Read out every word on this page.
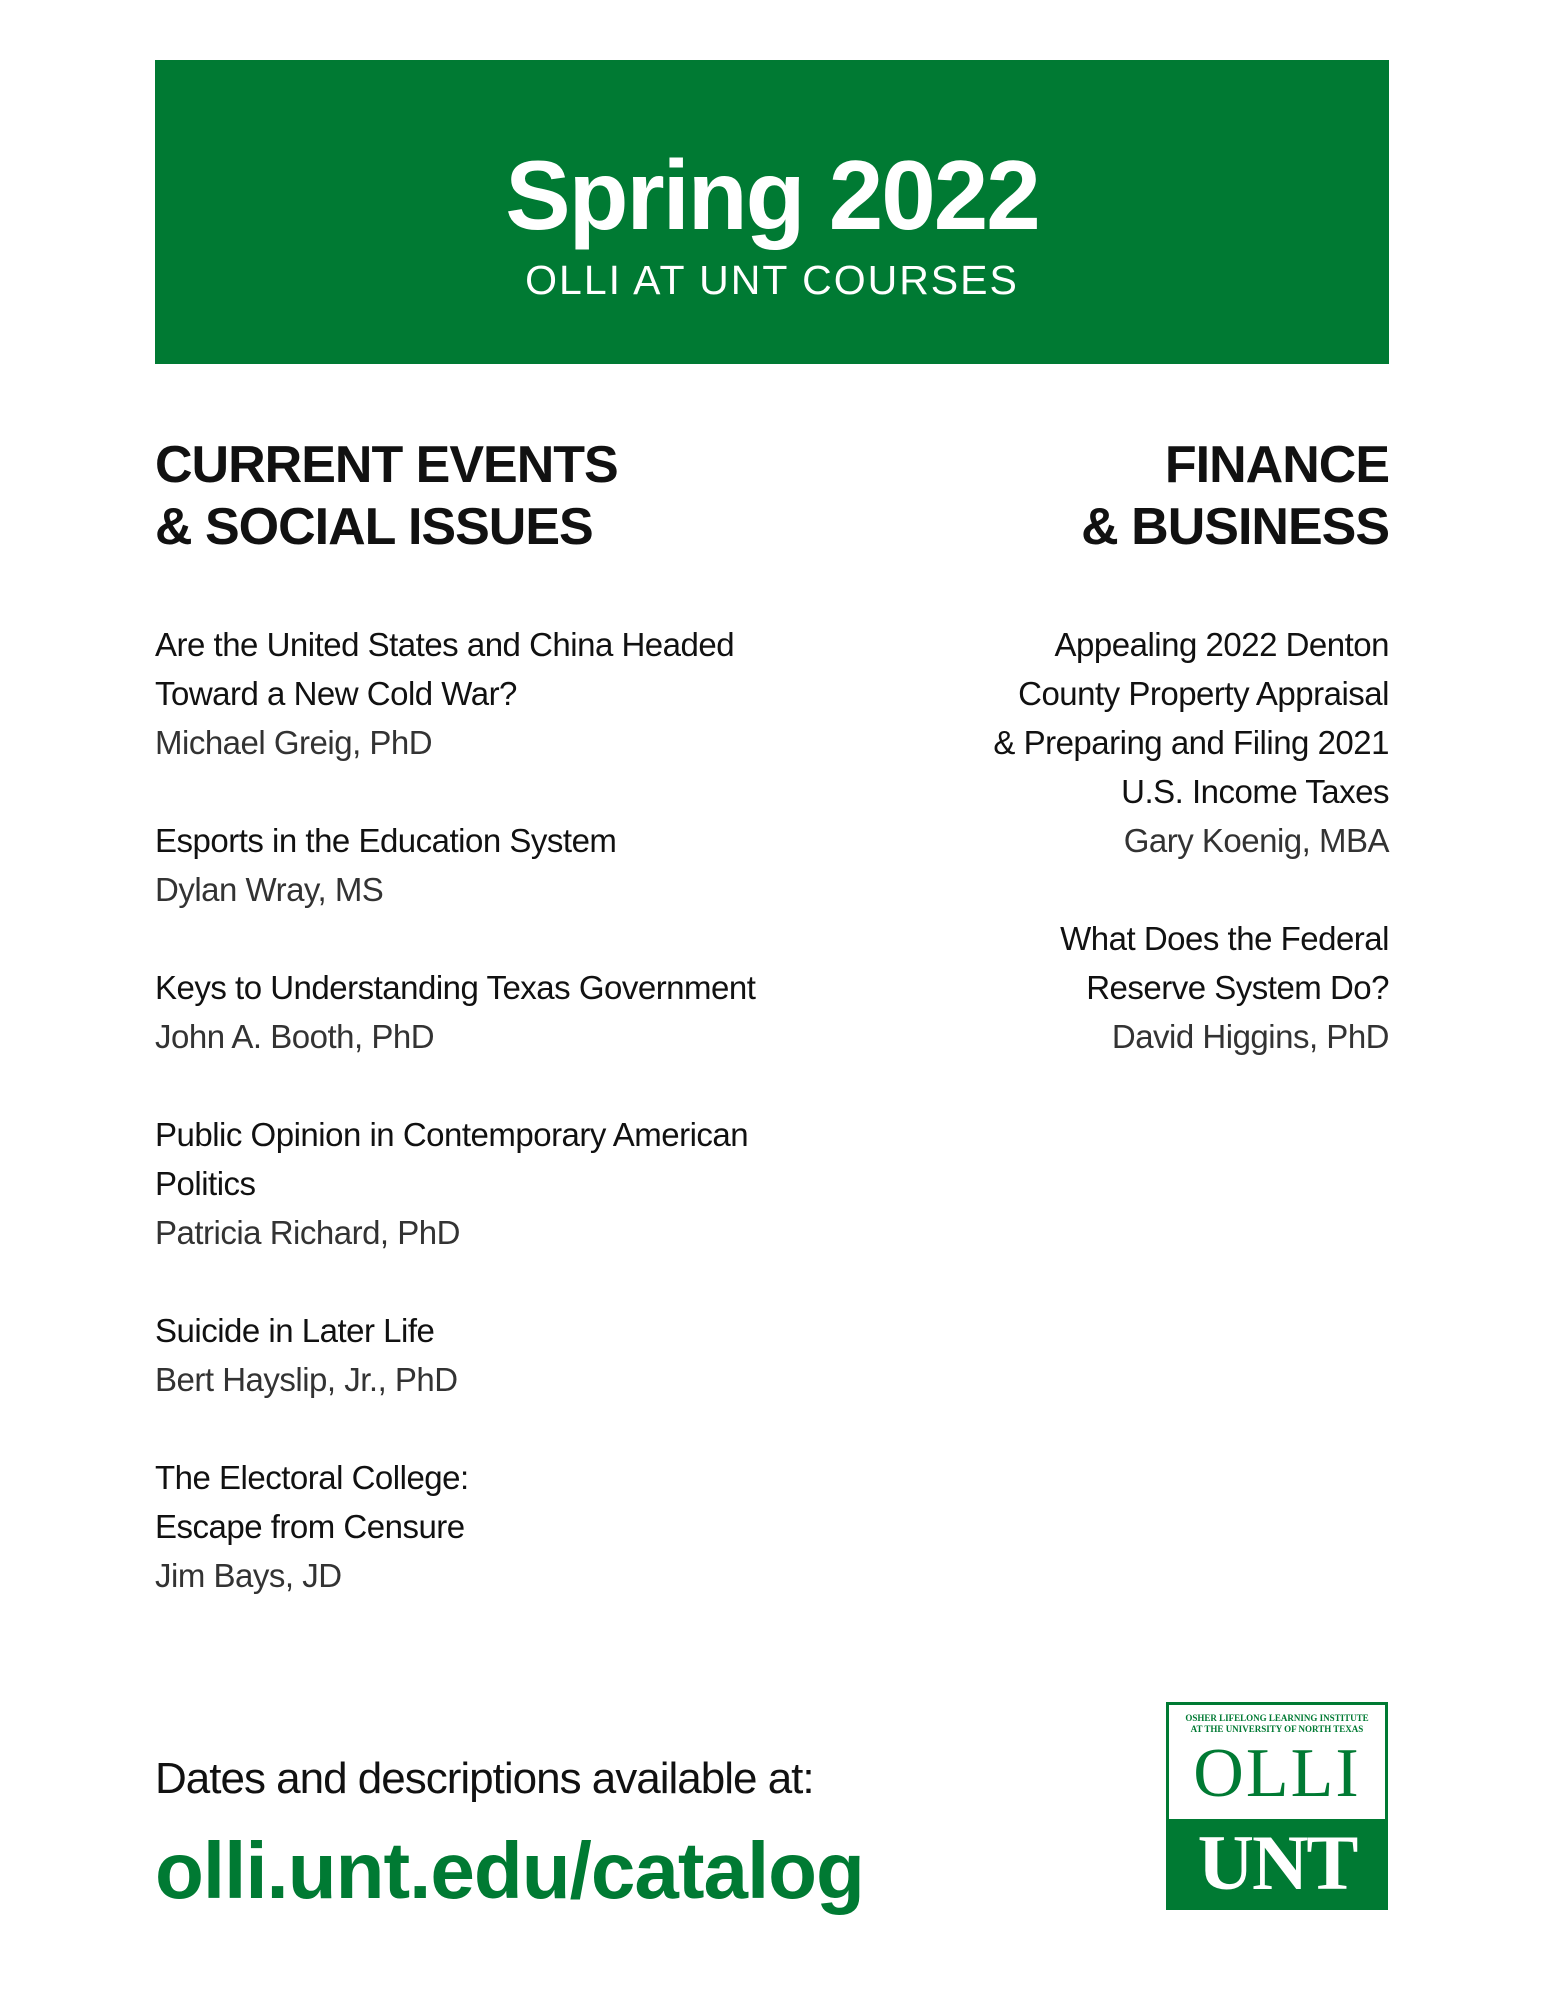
Spring 2022

OLLI AT UNT COURSES

CURRENT EVENTS
& SOCIAL ISSUES
FINANCE
& BUSINESS
Are the United States and China Headed
Toward a New Cold War?
Michael Greig, PhD
Esports in the Education System
Dylan Wray, MS
Keys to Understanding Texas Government
John A. Booth, PhD
Public Opinion in Contemporary American
Politics
Patricia Richard, PhD
Suicide in Later Life
Bert Hayslip, Jr., PhD
The Electoral College:
Escape from Censure
Jim Bays, JD
Appealing 2022 Denton
County Property Appraisal
& Preparing and Filing 2021
U.S. Income Taxes
Gary Koenig, MBA
What Does the Federal
Reserve System Do?
David Higgins, PhD

Dates and descriptions available at:

olli.unt.edu/catalog
OSHER LIFELONG LEARNING INSTITUTE
AT THE UNIVERSITY OF NORTH TEXAS
OLLI
UNT
